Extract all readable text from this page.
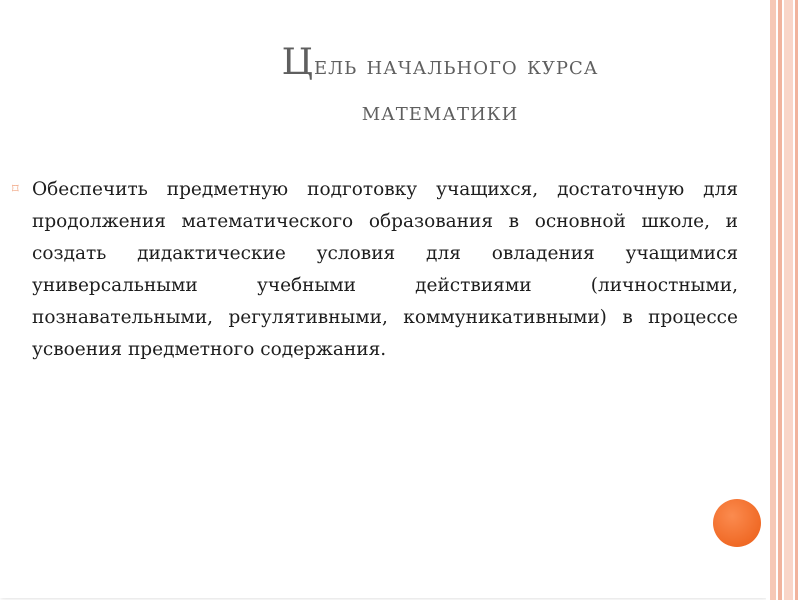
Цель начального курса
математики
⌑ Обеспечить предметную подготовку учащихся, достаточную для продолжения математического образования в основной школе, и создать дидактические условия для овладения учащимися универсальными учебными действиями (личностными, познавательными, регулятивными, коммуникативными) в процессе усвоения предметного содержания.
